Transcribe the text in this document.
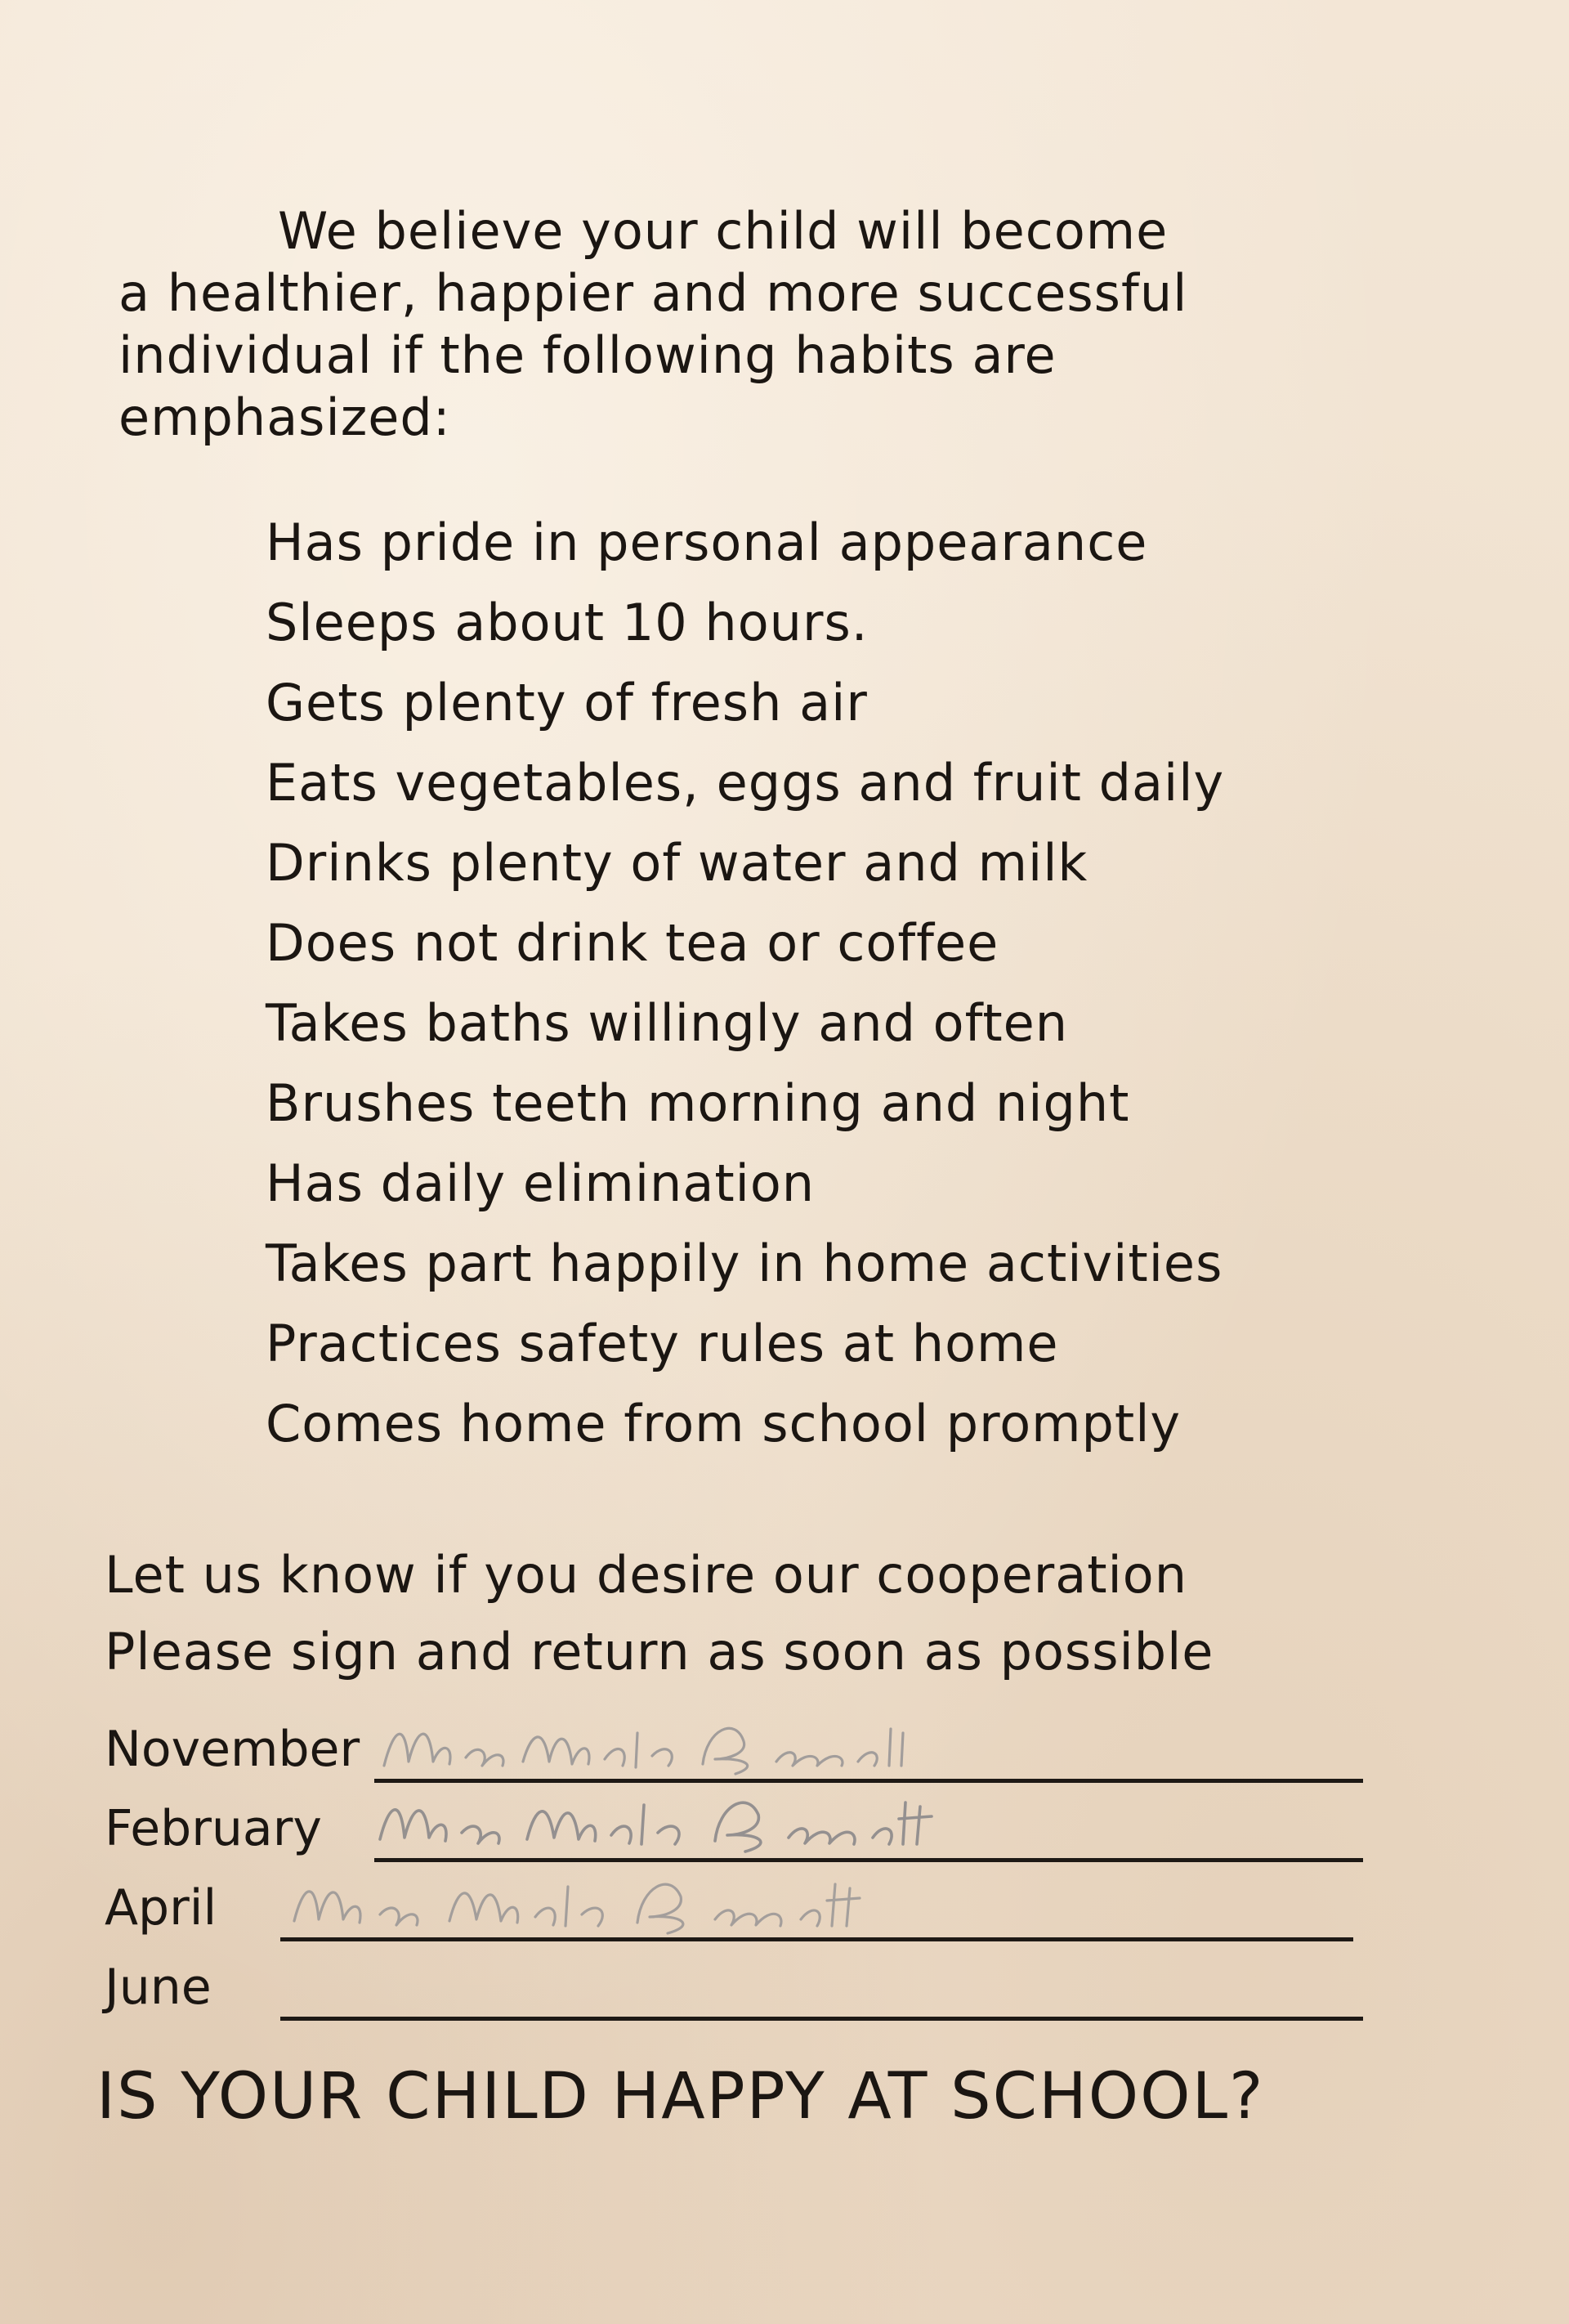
We believe your child will become
a healthier, happier and more successful
individual if the following habits are
emphasized:
Has pride in personal appearance
Sleeps about 10 hours.
Gets plenty of fresh air
Eats vegetables, eggs and fruit daily
Drinks plenty of water and milk
Does not drink tea or coffee
Takes baths willingly and often
Brushes teeth morning and night
Has daily elimination
Takes part happily in home activities
Practices safety rules at home
Comes home from school promptly
Let us know if you desire our cooperation
Please sign and return as soon as possible
November
February
April
June
IS YOUR CHILD HAPPY AT SCHOOL?
